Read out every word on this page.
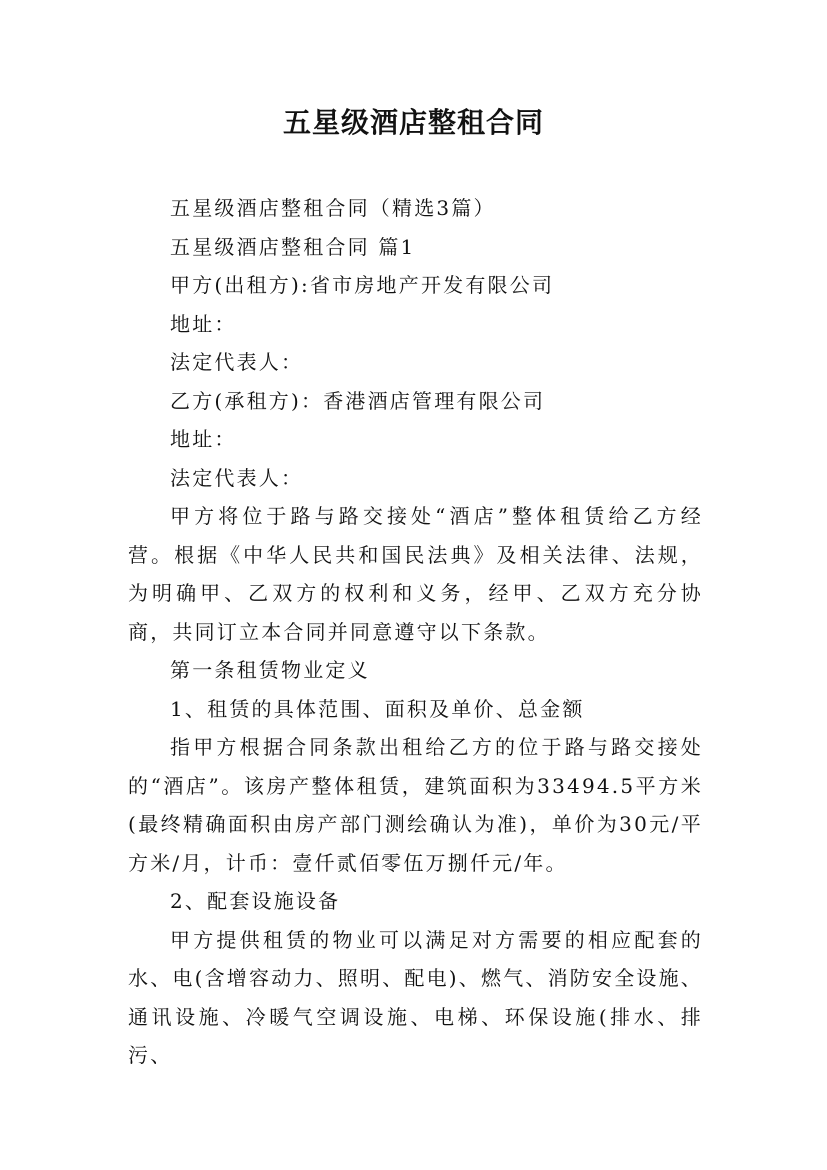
五星级酒店整租合同

五星级酒店整租合同（精选3篇）

五星级酒店整租合同 篇1

甲方(出租方):省市房地产开发有限公司

地址：

法定代表人：

乙方(承租方)：香港酒店管理有限公司

地址：

法定代表人：

甲方将位于路与路交接处“酒店”整体租赁给乙方经营。根据《中华人民共和国民法典》及相关法律、法规，为明确甲、乙双方的权利和义务，经甲、乙双方充分协商，共同订立本合同并同意遵守以下条款。

第一条租赁物业定义

1、租赁的具体范围、面积及单价、总金额

指甲方根据合同条款出租给乙方的位于路与路交接处的“酒店”。该房产整体租赁，建筑面积为33494.5平方米(最终精确面积由房产部门测绘确认为准)，单价为30元/平方米/月，计币：壹仟贰佰零伍万捌仟元/年。

2、配套设施设备

甲方提供租赁的物业可以满足对方需要的相应配套的水、电(含增容动力、照明、配电)、燃气、消防安全设施、通讯设施、冷暖气空调设施、电梯、环保设施(排水、排污、
